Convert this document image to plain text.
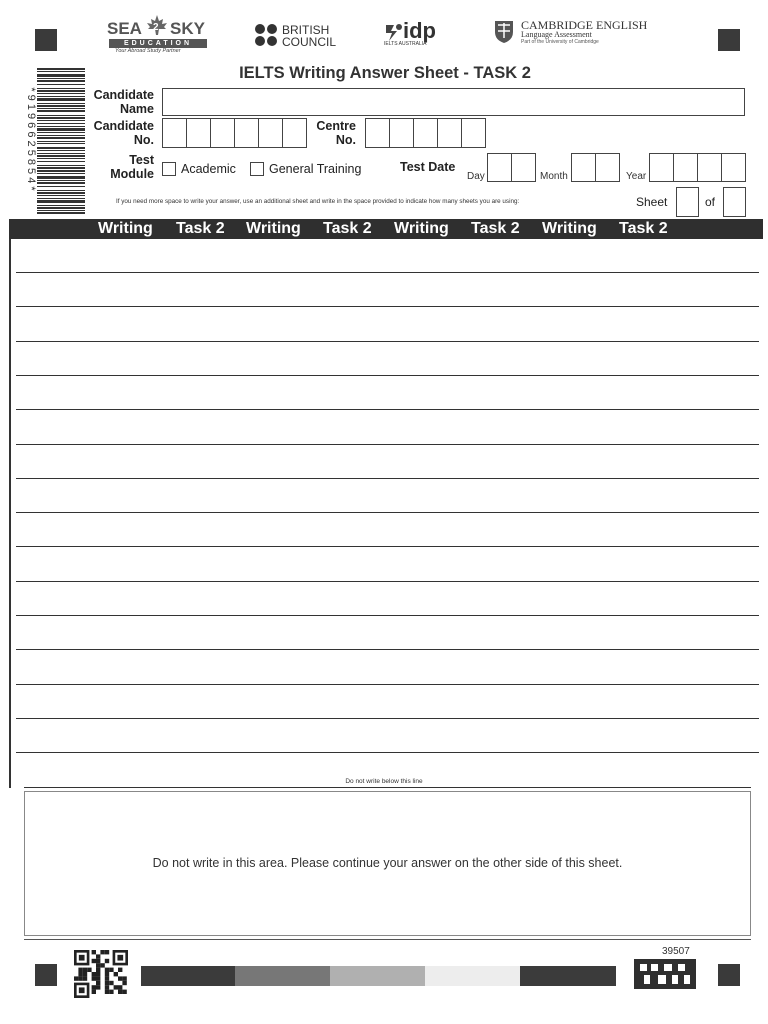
SEA 2 SKY
EDUCATION
Your Abroad Study Partner
BRITISH
COUNCIL	idp
IELTS AUSTRALIA
CAMBRIDGE ENGLISH
Language Assessment
Part of the University of Cambridge
* 9 1 9 6 6 2 5 8 5 4 *
IELTS Writing Answer Sheet - TASK 2
Candidate
Name
Candidate
No.
Centre
No.
Test
Module Academic	General Training	Test Date
Day	Month	Year
If you need more space to write your answer, use an additional sheet and write in the space provided to indicate how many sheets you are using:	Sheet	of
Writing Task 2 Writing Task 2 Writing Task 2 Writing Task 2
Do not write below this line
Do not write in this area. Please continue your answer on the other side of this sheet.
39507
